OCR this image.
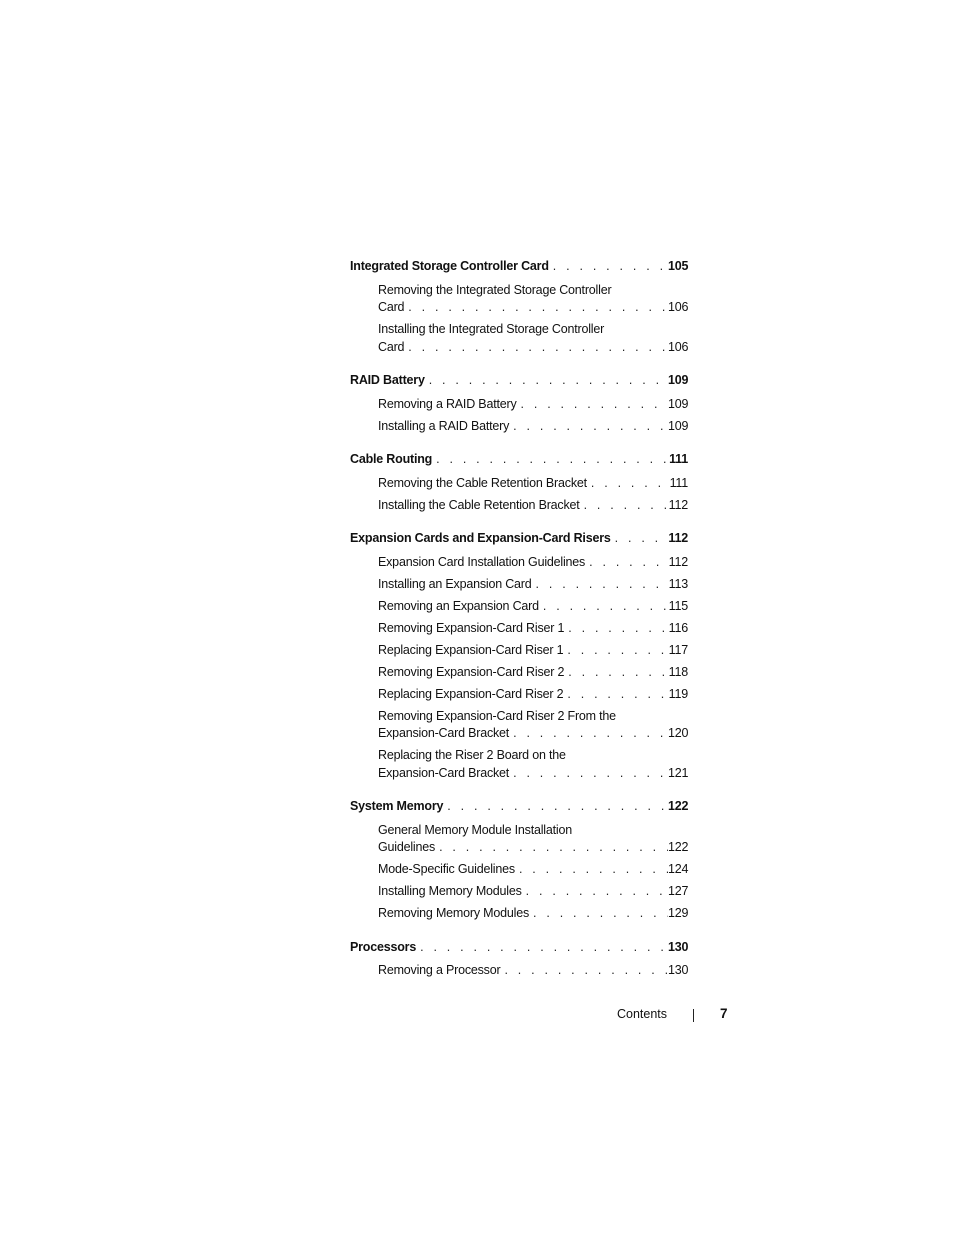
Integrated Storage Controller Card . . .	105
Removing the Integrated Storage Controller
Card . . .	106
Installing the Integrated Storage Controller
Card . . .	106
RAID Battery . . .	109
Removing a RAID Battery . . .	109
Installing a RAID Battery . . .	109
Cable Routing . . .	111
Removing the Cable Retention Bracket . . .	111
Installing the Cable Retention Bracket . . .	112
Expansion Cards and Expansion-Card Risers . . .	112
Expansion Card Installation Guidelines . . .	112
Installing an Expansion Card . . .	113
Removing an Expansion Card . . .	115
Removing Expansion-Card Riser 1 . . .	116
Replacing Expansion-Card Riser 1 . . .	117
Removing Expansion-Card Riser 2 . . .	118
Replacing Expansion-Card Riser 2 . . .	119
Removing Expansion-Card Riser 2 From the
Expansion-Card Bracket . . .	120
Replacing the Riser 2 Board on the
Expansion-Card Bracket . . .	121
System Memory . . .	122
General Memory Module Installation
Guidelines . . .	122
Mode-Specific Guidelines . . .	124
Installing Memory Modules . . .	127
Removing Memory Modules . . .	129
Processors . . .	130
Removing a Processor . . .	130
Contents	7
